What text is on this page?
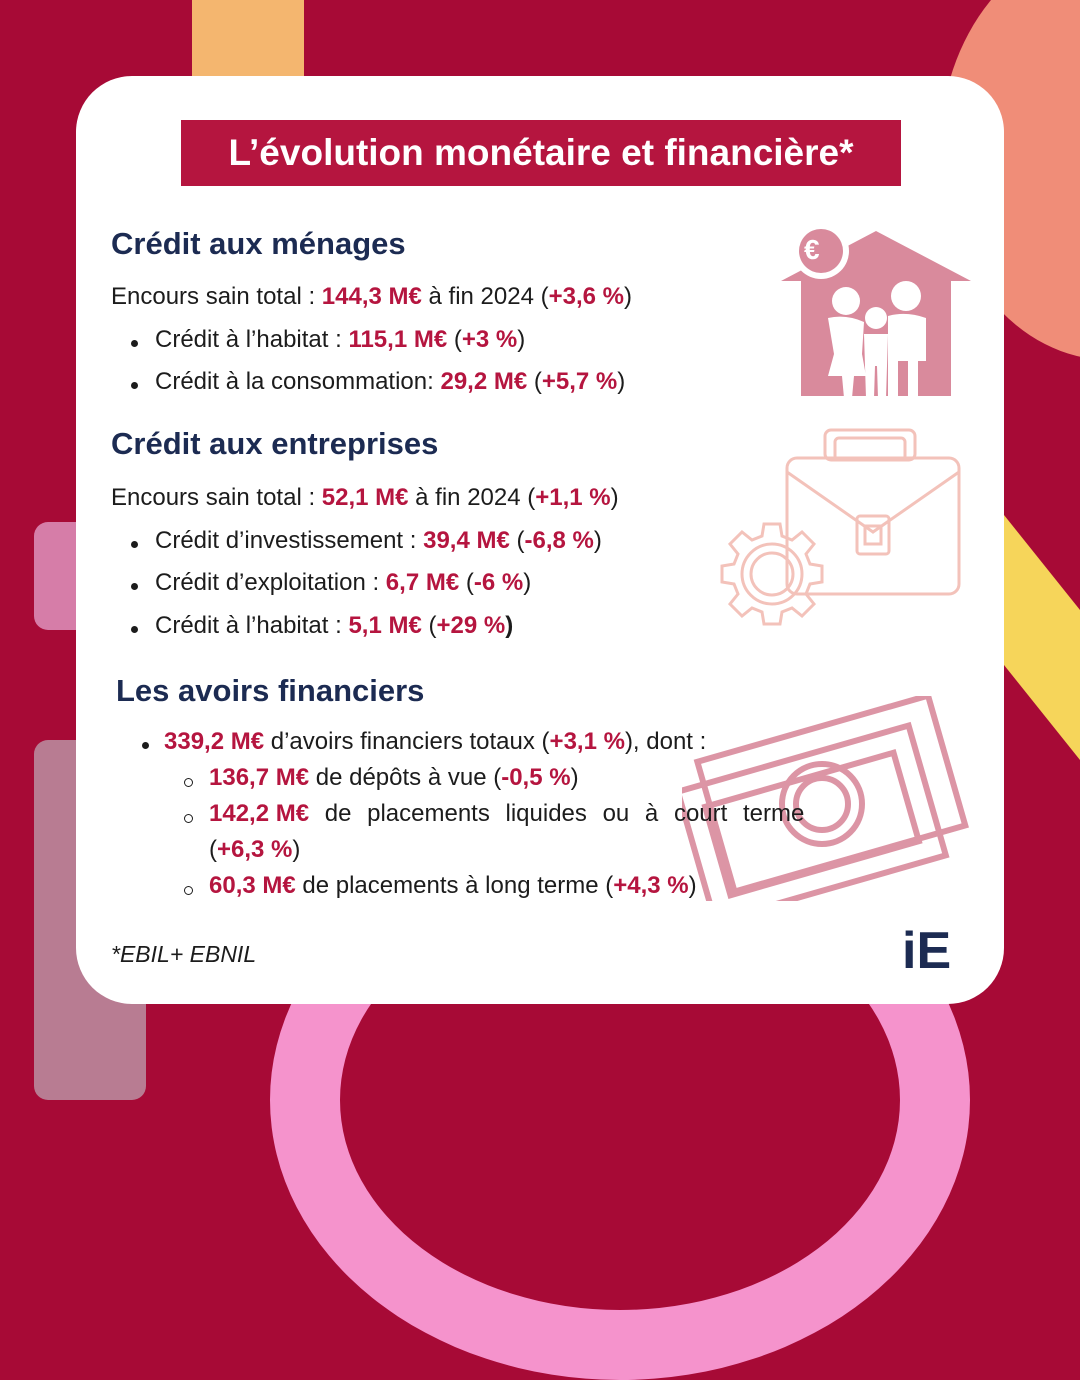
L’évolution monétaire et financière*
Crédit aux ménages
Encours sain total : 144,3 M€ à fin 2024 (+3,6 %)
Crédit à l’habitat : 115,1 M€ (+3 %)
Crédit à la consommation: 29,2 M€ (+5,7 %)
Crédit aux entreprises
Encours sain total : 52,1 M€ à fin 2024 (+1,1 %)
Crédit d’investissement : 39,4 M€ (-6,8 %)
Crédit d’exploitation : 6,7 M€ (-6 %)
Crédit à l’habitat : 5,1 M€ (+29 %)
€
Les avoirs financiers
339,2 M€ d’avoirs financiers totaux (+3,1 %), dont :
136,7 M€ de dépôts à vue (-0,5 %)
142,2 M€ de placements liquides ou à court terme
(+6,3 %)
60,3 M€ de placements à long terme (+4,3 %)
*EBIL+ EBNIL	iE
